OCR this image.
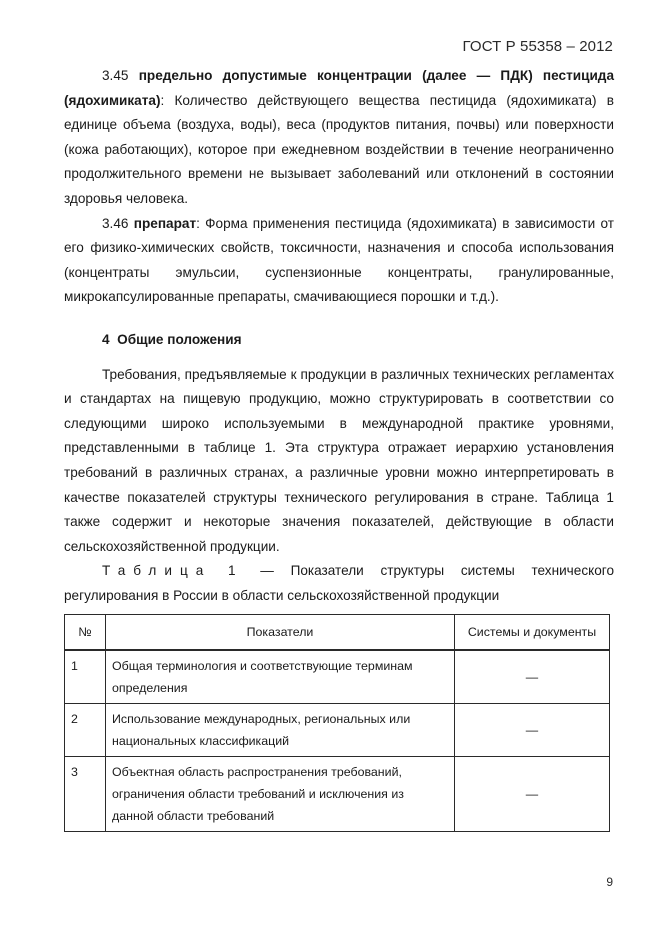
ГОСТ Р 55358 – 2012

3.45 предельно допустимые концентрации (далее — ПДК) пестицида (ядохимиката): Количество действующего вещества пестицида (ядохимиката) в единице объема (воздуха, воды), веса (продуктов питания, почвы) или поверхности (кожа работающих), которое при ежедневном воздействии в течение неограниченно продолжительного времени не вызывает заболеваний или отклонений в состоянии здоровья человека.

3.46 препарат: Форма применения пестицида (ядохимиката) в зависимости от его физико-химических свойств, токсичности, назначения и способа использования (концентраты эмульсии, суспензионные концентраты, гранулированные, микрокапсулированные препараты, смачивающиеся порошки и т.д.).

4 Общие положения

Требования, предъявляемые к продукции в различных технических регламентах и стандартах на пищевую продукцию, можно структурировать в соответствии со следующими широко используемыми в международной практике уровнями, представленными в таблице 1. Эта структура отражает иерархию установления требований в различных странах, а различные уровни можно интерпретировать в качестве показателей структуры технического регулирования в стране. Таблица 1 также содержит и некоторые значения показателей, действующие в области сельскохозяйственной продукции.

Таблица 1 — Показатели структуры системы технического регулирования в России в области сельскохозяйственной продукции

№	Показатели	Системы и документы
1	Общая терминология и соответствующие терминам определения	—
2	Использование международных, региональных или национальных классификаций	—
3	Объектная область распространения требований, ограничения области требований и исключения из данной области требований	—
9
